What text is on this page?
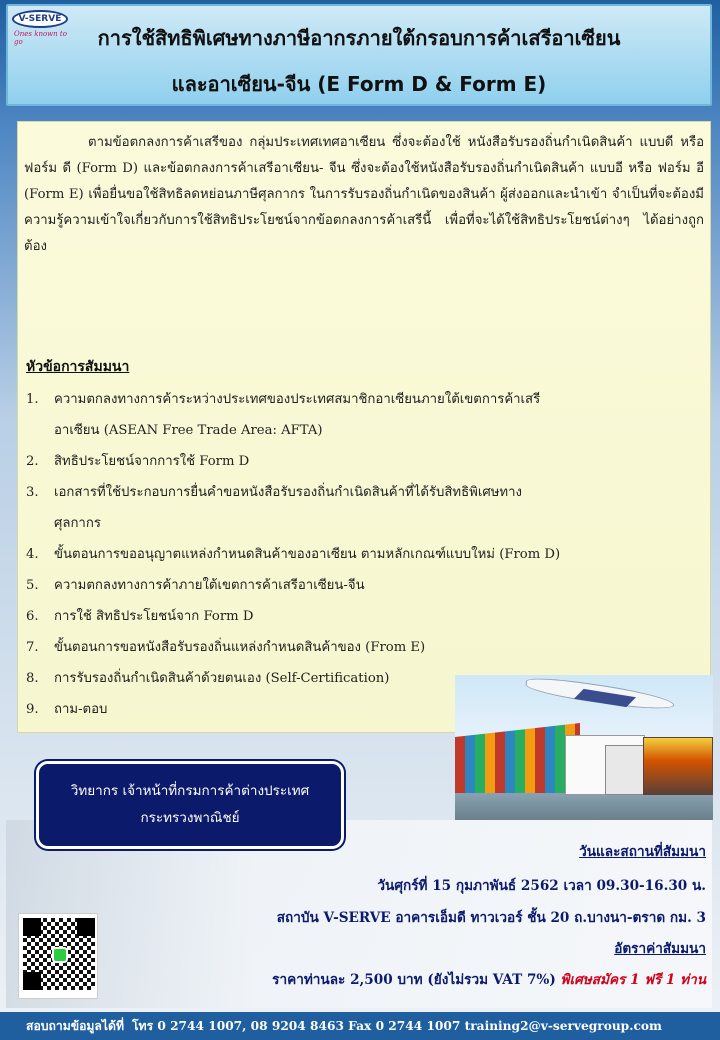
V-SERVE
Ones known to go	การใช้สิทธิพิเศษทางภาษีอากรภายใต้กรอบการค้าเสรีอาเซียน
และอาเซียน-จีน (E Form D & Form E)

ตามข้อตกลงการค้าเสรีของ กลุ่มประเทศเทศอาเซียน ซึ่งจะต้องใช้ หนังสือรับรองถิ่นกำเนิดสินค้า แบบดี หรือ ฟอร์ม ดี (Form D) และข้อตกลงการค้าเสรีอาเซียน- จีน ซึ่งจะต้องใช้หนังสือรับรองถิ่นกำเนิดสินค้า แบบอี หรือ ฟอร์ม อี (Form E) เพื่อยื่นขอใช้สิทธิลดหย่อนภาษีศุลกากร ในการรับรองถิ่นกำเนิดของสินค้า ผู้ส่งออกและนำเข้า จำเป็นที่จะต้องมีความรู้ความเข้าใจเกี่ยวกับการใช้สิทธิประโยชน์จากข้อตกลงการค้าเสรีนี้ เพื่อที่จะได้ใช้สิทธิประโยชน์ต่างๆ ได้อย่างถูกต้อง

หัวข้อการสัมมนา
1. ความตกลงทางการค้าระหว่างประเทศของประเทศสมาชิกอาเซียนภายใต้เขตการค้าเสรี
อาเซียน (ASEAN Free Trade Area: AFTA)
2. สิทธิประโยชน์จากการใช้ Form D
3. เอกสารที่ใช้ประกอบการยื่นคำขอหนังสือรับรองถิ่นกำเนิดสินค้าที่ได้รับสิทธิพิเศษทาง
ศุลกากร
4. ขั้นตอนการขออนุญาตแหล่งกำหนดสินค้าของอาเซียน ตามหลักเกณฑ์แบบใหม่ (From D)
5. ความตกลงทางการค้าภายใต้เขตการค้าเสรีอาเซียน-จีน
6. การใช้ สิทธิประโยชน์จาก Form D
7. ขั้นตอนการขอหนังสือรับรองถิ่นแหล่งกำหนดสินค้าของ (From E)
8. การรับรองถิ่นกำเนิดสินค้าด้วยตนเอง (Self-Certification)
9. ถาม-ตอบ
วิทยากร เจ้าหน้าที่กรมการค้าต่างประเทศ
กระทรวงพาณิชย์
วันและสถานที่สัมมนา
วันศุกร์ที่ 15 กุมภาพันธ์ 2562 เวลา 09.30-16.30 น.
สถาบัน V-SERVE อาคารเอ็มดี ทาวเวอร์ ชั้น 20 ถ.บางนา-ตราด กม. 3
อัตราค่าสัมมนา
ราคาท่านละ 2,500 บาท (ยังไม่รวม VAT 7%) พิเศษสมัคร 1 ฟรี 1 ท่าน
สอบถามข้อมูลได้ที่ โทร 0 2744 1007, 08 9204 8463 Fax 0 2744 1007 training2@v-servegroup.com
